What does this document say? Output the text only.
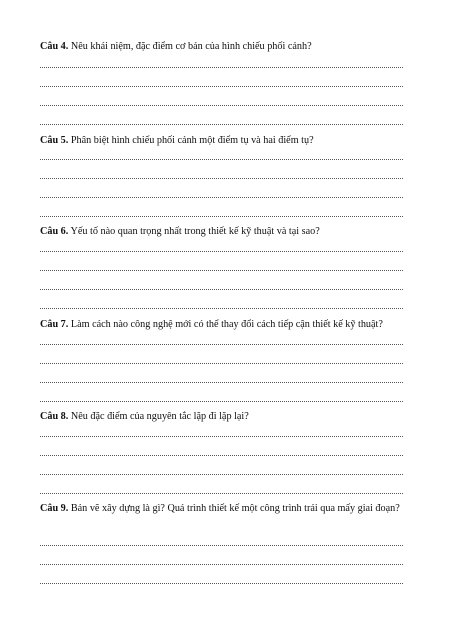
Câu 4. Nêu khái niệm, đặc điểm cơ bản của hình chiếu phối cảnh?
Câu 5. Phân biệt hình chiếu phối cảnh một điểm tụ và hai điểm tụ?
Câu 6. Yếu tố nào quan trọng nhất trong thiết kế kỹ thuật và tại sao?
Câu 7. Làm cách nào công nghệ mới có thể thay đổi cách tiếp cận thiết kế kỹ thuật?
Câu 8. Nêu đặc điểm của nguyên tắc lặp đi lặp lại?
Câu 9. Bản vẽ xây dựng là gì? Quá trình thiết kế một công trình trải qua mấy giai đoạn?
